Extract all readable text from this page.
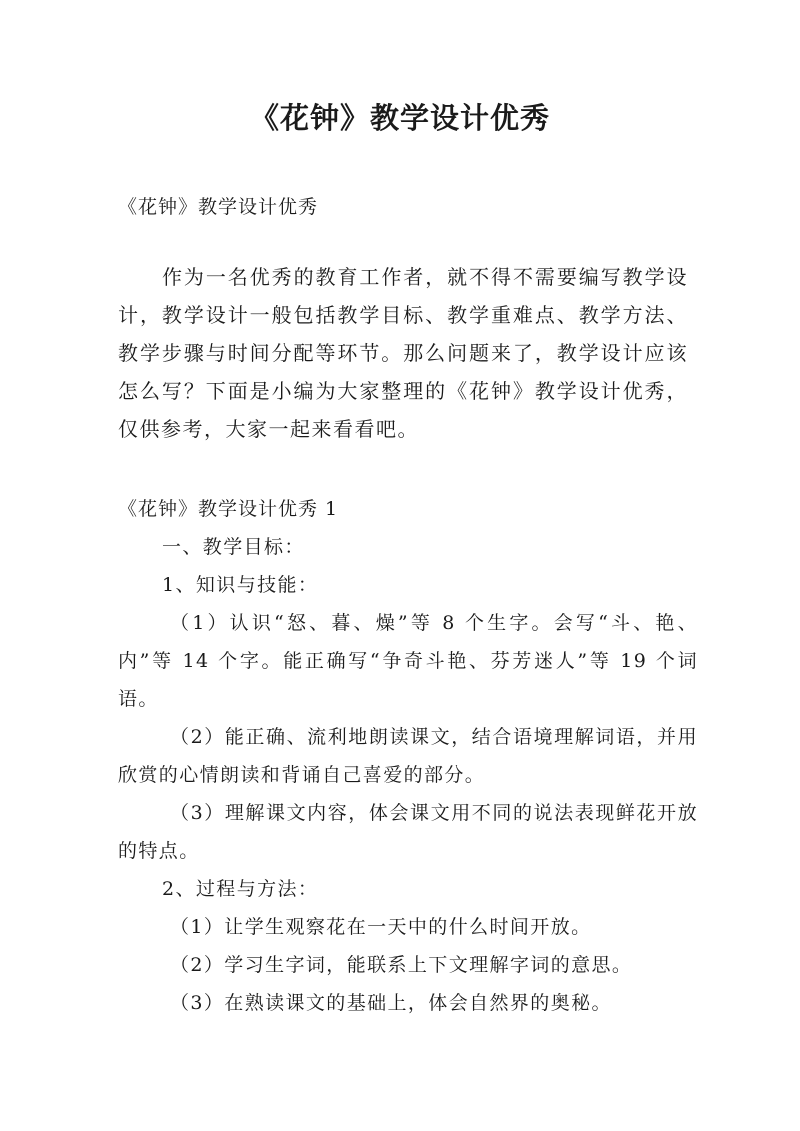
《花钟》教学设计优秀
《花钟》教学设计优秀
作为一名优秀的教育工作者，就不得不需要编写教学设计，教学设计一般包括教学目标、教学重难点、教学方法、教学步骤与时间分配等环节。那么问题来了，教学设计应该怎么写？下面是小编为大家整理的《花钟》教学设计优秀，仅供参考，大家一起来看看吧。
《花钟》教学设计优秀 1
一、教学目标：
1、知识与技能：
（1）认识“怒、暮、燥”等 8 个生字。会写“斗、艳、内”等 14 个字。能正确写“争奇斗艳、芬芳迷人”等 19 个词语。
（2）能正确、流利地朗读课文，结合语境理解词语，并用欣赏的心情朗读和背诵自己喜爱的部分。
（3）理解课文内容，体会课文用不同的说法表现鲜花开放的特点。
2、过程与方法：
（1）让学生观察花在一天中的什么时间开放。
（2）学习生字词，能联系上下文理解字词的意思。
（3）在熟读课文的基础上，体会自然界的奥秘。
